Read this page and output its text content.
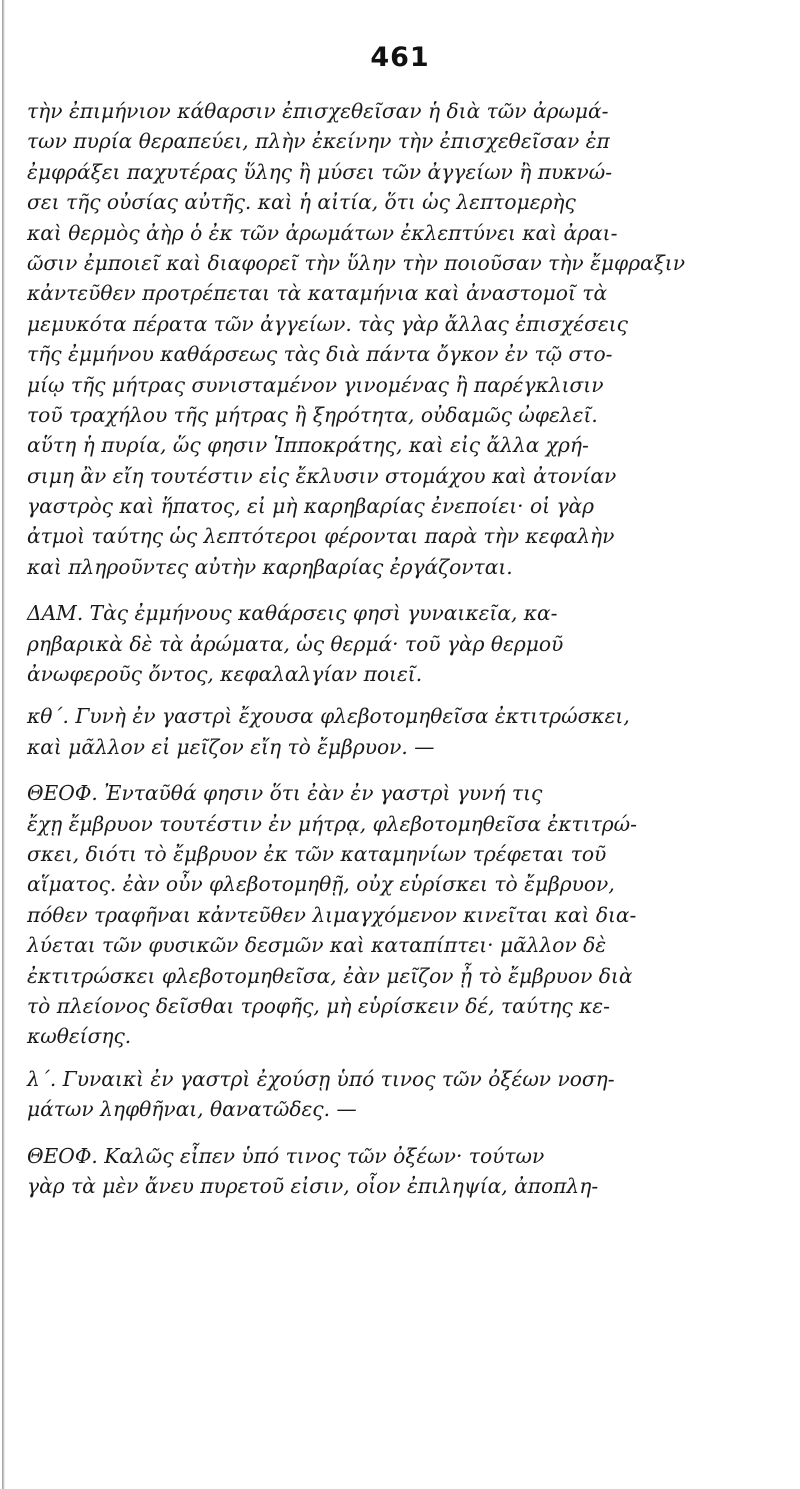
461
τὴν ἐπιμήνιον κάθαρσιν ἐπισχεθεῖσαν ἡ διὰ τῶν ἀρωμά-
των πυρία θεραπεύει, πλὴν ἐκείνην τὴν ἐπισχεθεῖσαν ἐπ
ἐμφράξει παχυτέρας ὕλης ἢ μύσει τῶν ἀγγείων ἢ πυκνώ-
σει τῆς οὐσίας αὐτῆς. καὶ ἡ αἰτία, ὅτι ὡς λεπτομερὴς
καὶ θερμὸς ἀὴρ ὁ ἐκ τῶν ἀρωμάτων ἐκλεπτύνει καὶ ἀραι-
ῶσιν ἐμποιεῖ καὶ διαφορεῖ τὴν ὕλην τὴν ποιοῦσαν τὴν ἔμφραξιν
κἀντεῦθεν προτρέπεται τὰ καταμήνια καὶ ἀναστομοῖ τὰ
μεμυκότα πέρατα τῶν ἀγγείων. τὰς γὰρ ἄλλας ἐπισχέσεις
τῆς ἐμμήνου καθάρσεως τὰς διὰ πάντα ὄγκον ἐν τῷ στο-
μίῳ τῆς μήτρας συνισταμένον γινομένας ἢ παρέγκλισιν
τοῦ τραχήλου τῆς μήτρας ἢ ξηρότητα, οὐδαμῶς ὠφελεῖ.
αὕτη ἡ πυρία, ὥς φησιν Ἱπποκράτης, καὶ εἰς ἄλλα χρή-
σιμη ἂν εἴη τουτέστιν εἰς ἔκλυσιν στομάχου καὶ ἀτονίαν
γαστρὸς καὶ ἥπατος, εἰ μὴ καρηβαρίας ἐνεποίει· οἱ γὰρ
ἀτμοὶ ταύτης ὡς λεπτότεροι φέρονται παρὰ τὴν κεφαλὴν
καὶ πληροῦντες αὐτὴν καρηβαρίας ἐργάζονται.
ΔΑΜ. Τὰς ἐμμήνους καθάρσεις φησὶ γυναικεῖα, κα-
ρηβαρικὰ δὲ τὰ ἀρώματα, ὡς θερμά· τοῦ γὰρ θερμοῦ
ἀνωφεροῦς ὄντος, κεφαλαλγίαν ποιεῖ.
κθ΄. Γυνὴ ἐν γαστρὶ ἔχουσα φλεβοτομηθεῖσα ἐκτιτρώσκει,
καὶ μᾶλλον εἰ μεῖζον εἴη τὸ ἔμβρυον. —
ΘΕΟΦ. Ἐνταῦθά φησιν ὅτι ἐὰν ἐν γαστρὶ γυνή τις
ἔχῃ ἔμβρυον τουτέστιν ἐν μήτρᾳ, φλεβοτομηθεῖσα ἐκτιτρώ-
σκει, διότι τὸ ἔμβρυον ἐκ τῶν καταμηνίων τρέφεται τοῦ
αἵματος. ἐὰν οὖν φλεβοτομηθῇ, οὐχ εὑρίσκει τὸ ἔμβρυον,
πόθεν τραφῆναι κἀντεῦθεν λιμαγχόμενον κινεῖται καὶ δια-
λύεται τῶν φυσικῶν δεσμῶν καὶ καταπίπτει· μᾶλλον δὲ
ἐκτιτρώσκει φλεβοτομηθεῖσα, ἐὰν μεῖζον ᾖ τὸ ἔμβρυον διὰ
τὸ πλείονος δεῖσθαι τροφῆς, μὴ εὑρίσκειν δέ, ταύτης κε-
κωθείσης.
λ΄. Γυναικὶ ἐν γαστρὶ ἐχούσῃ ὑπό τινος τῶν ὀξέων νοση-
μάτων ληφθῆναι, θανατῶδες. —
ΘΕΟΦ. Καλῶς εἶπεν ὑπό τινος τῶν ὀξέων· τούτων
γὰρ τὰ μὲν ἄνευ πυρετοῦ εἰσιν, οἷον ἐπιληψία, ἀποπλη-
